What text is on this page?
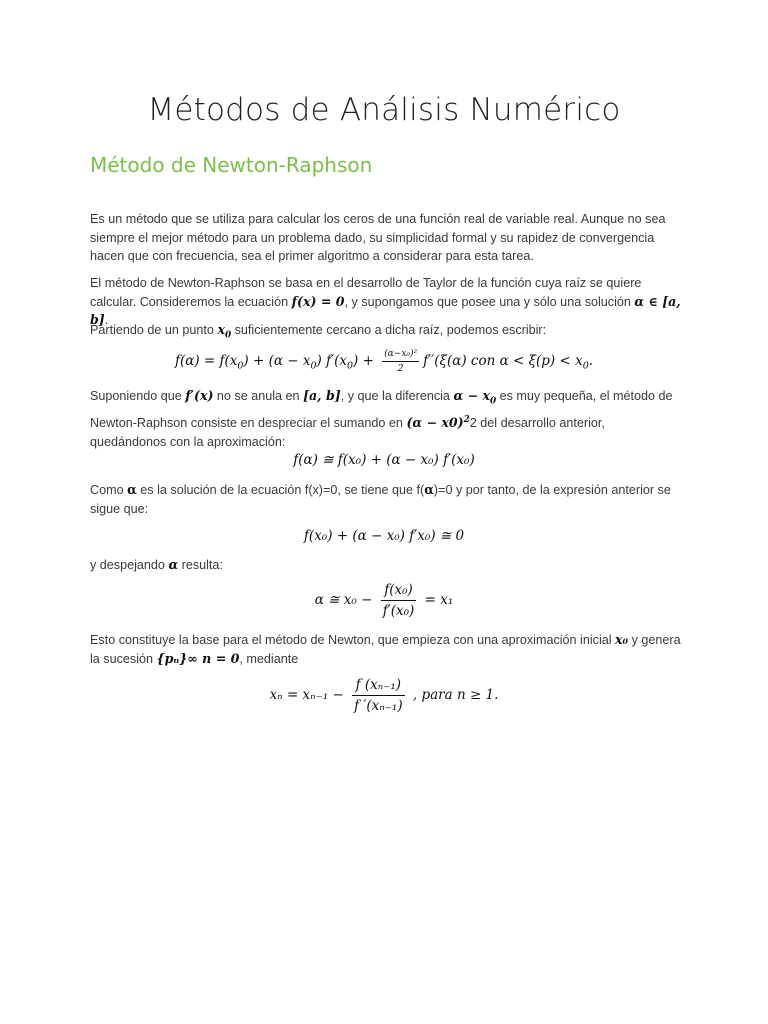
Métodos de Análisis Numérico
Método de Newton-Raphson
Es un método que se utiliza para calcular los ceros de una función real de variable real. Aunque no sea siempre el mejor método para un problema dado, su simplicidad formal y su rapidez de convergencia hacen que con frecuencia, sea el primer algoritmo a considerar para esta tarea.
El método de Newton-Raphson se basa en el desarrollo de Taylor de la función cuya raíz se quiere calcular. Consideremos la ecuación f(x) = 0, y supongamos que posee una y sólo una solución α ∈ [a, b].
Partiendo de un punto $x_0$ suficientemente cercano a dicha raíz, podemos escribir:
$f(\alpha) = f(x_0) + (\alpha - x_0) f'(x_0) + \frac{\text{(α−x₀)²}}{2} f''(\xi(\alpha)$ con $\alpha < \xi(p) < x_0$.
Suponiendo que f′(x) no se anula en [a, b], y que la diferencia $\alpha - x_0$ es muy pequeña, el método de Newton-Raphson consiste en despreciar el sumando en $(\alpha - x0)^22$ del desarrollo anterior, quedándonos con la aproximación:
f(α) ≅ f(x₀) + (α − x₀) f′(x₀)
Como α es la solución de la ecuación f(x)=0, se tiene que f(α)=0 y por tanto, de la expresión anterior se sigue que:
f(x₀) + (α − x₀) f′x₀) ≅ 0
y despejando α resulta:
α ≅ $x_0 - \frac{\text{f(x₀)}}{\text{f′(x₀)}} = x_1$
Esto constituye la base para el método de Newton, que empieza con una aproximación inicial x₀ y genera la sucesión {pₙ}∞ n = 0, mediante
$x_n = x_{n-1} - \frac{\text{f (xₙ₋₁)}}{\text{f ′(xₙ₋₁)}}$ , para n ≥ 1.
